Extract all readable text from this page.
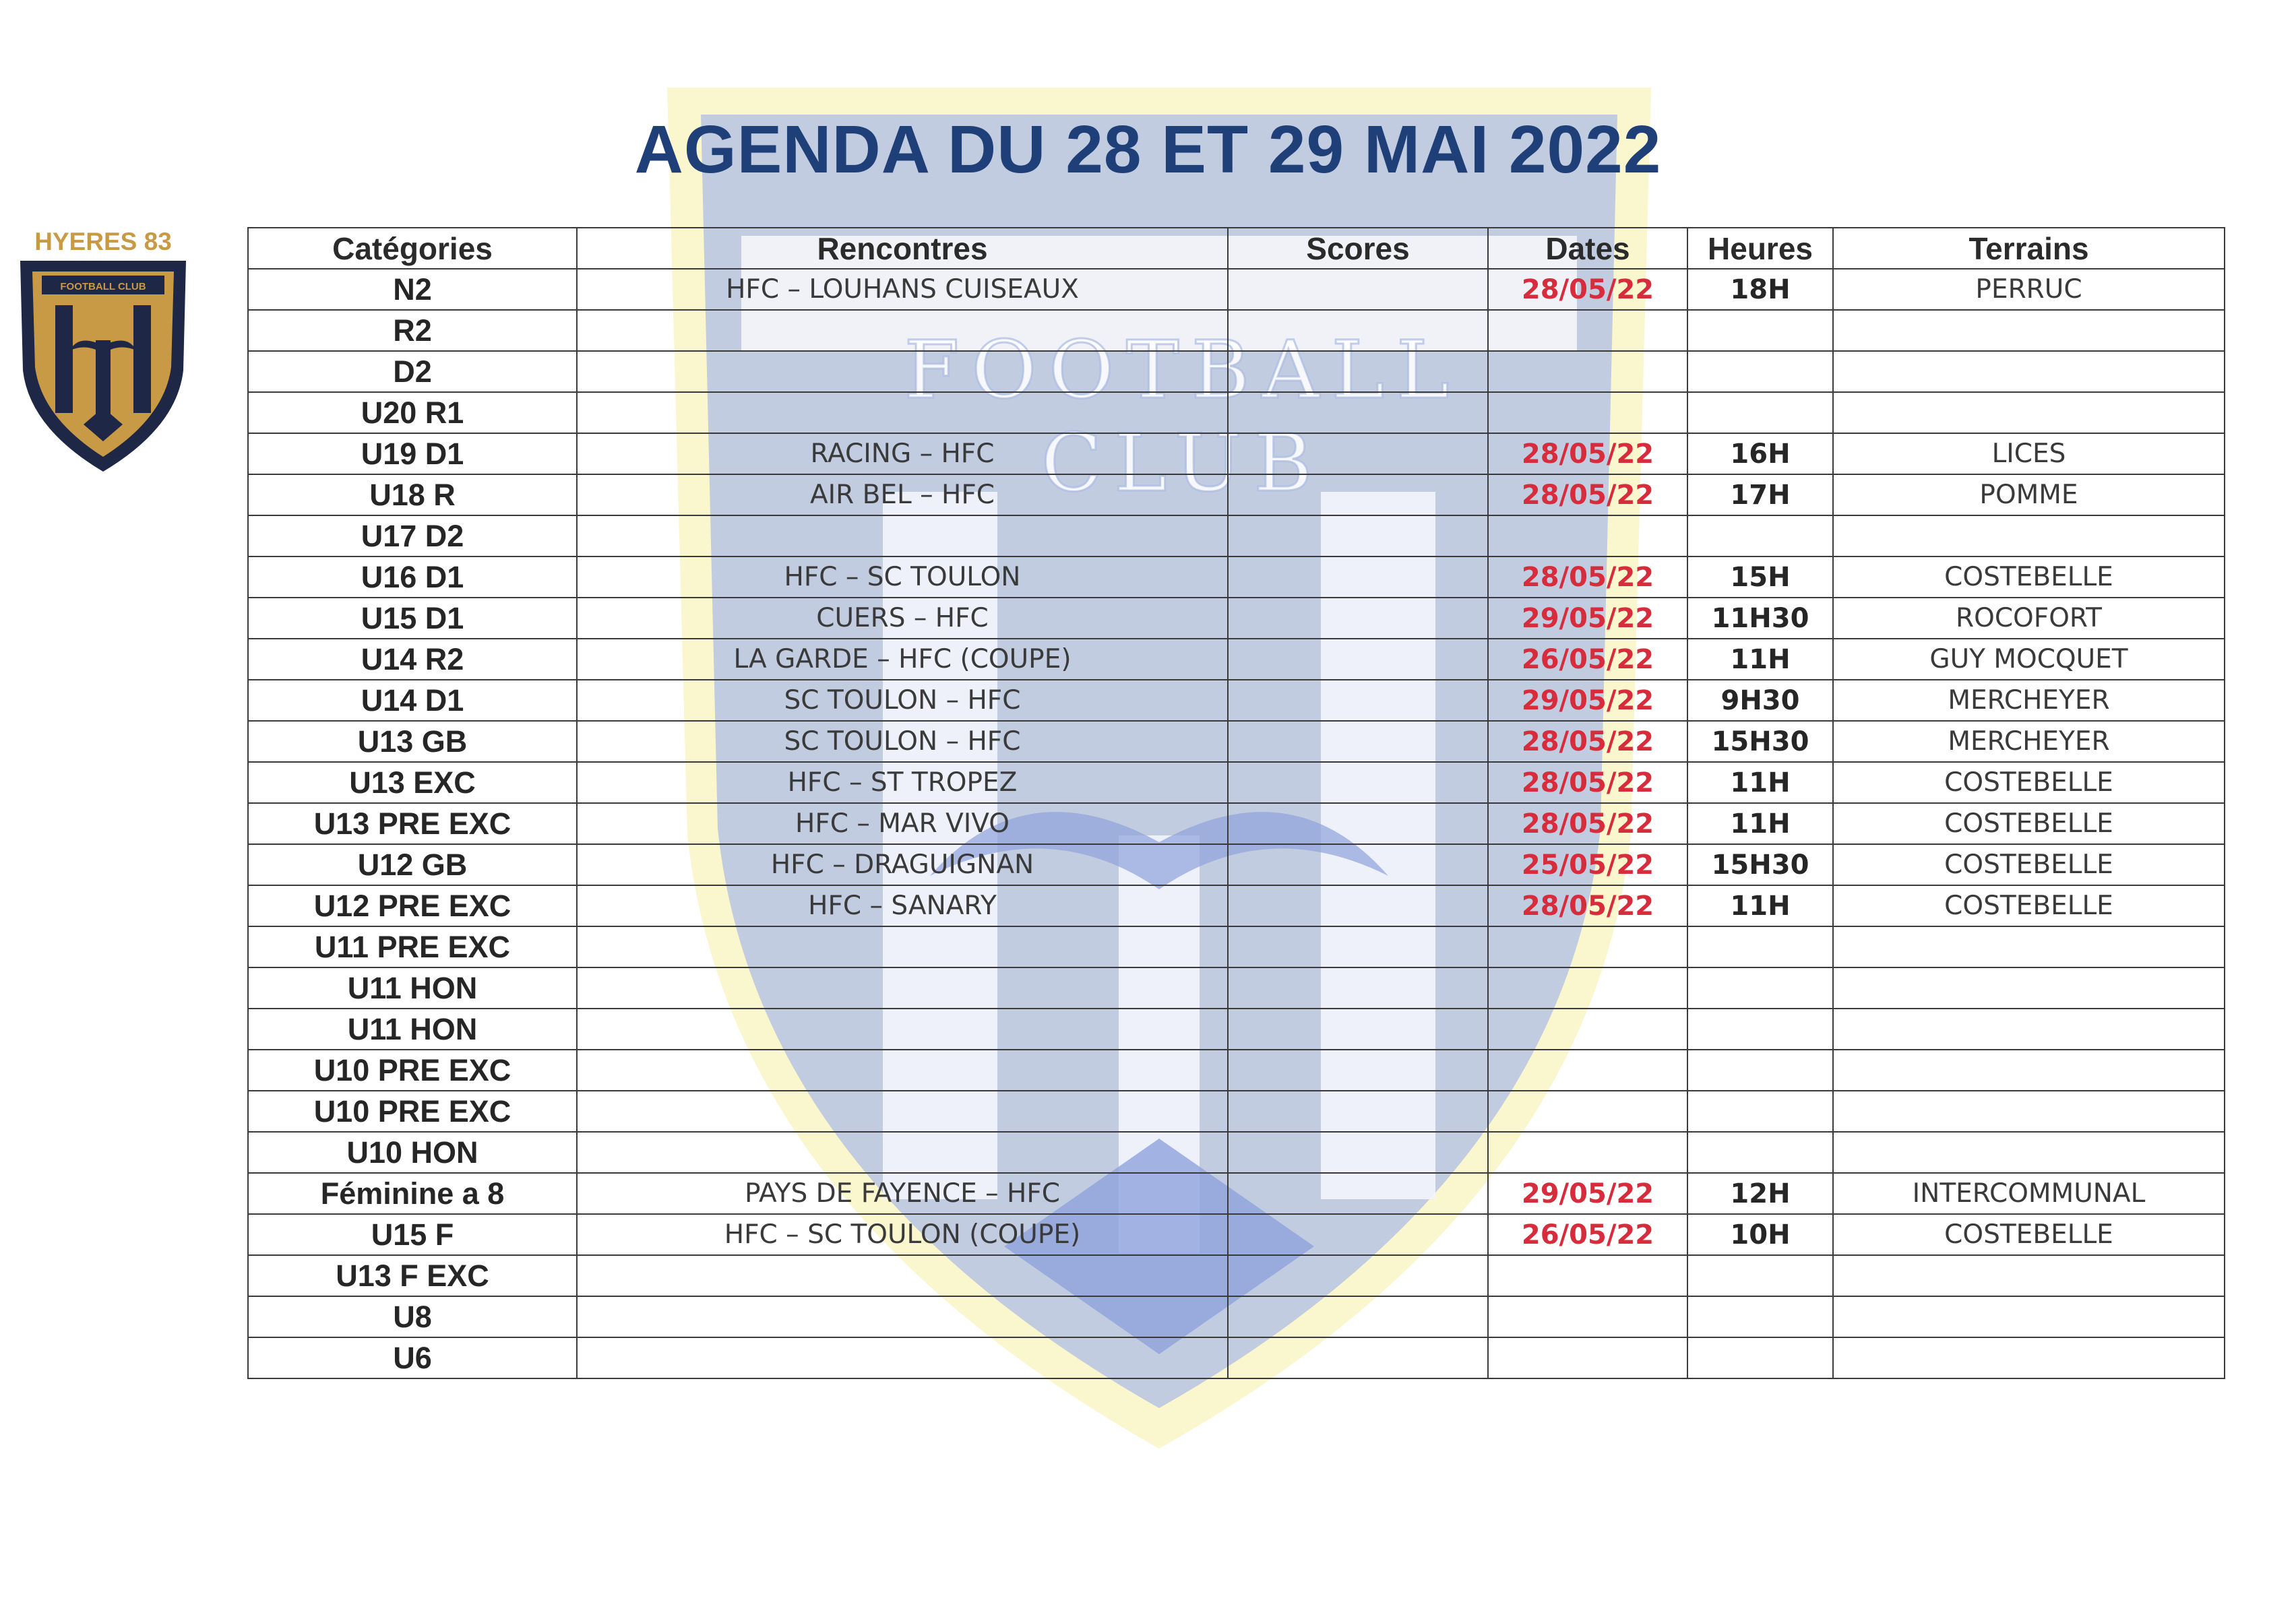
FOOTBALL CLUB
HYERES 83
FOOTBALL CLUB
AGENDA DU 28 ET 29 MAI 2022
Catégories	Rencontres	Scores	Dates	Heures	Terrains
N2	HFC – LOUHANS CUISEAUX		28/05/22	18H	PERRUC
R2					
D2					
U20 R1					
U19 D1	RACING – HFC		28/05/22	16H	LICES
U18 R	AIR BEL – HFC		28/05/22	17H	POMME
U17 D2					
U16 D1	HFC – SC TOULON		28/05/22	15H	COSTEBELLE
U15 D1	CUERS – HFC		29/05/22	11H30	ROCOFORT
U14 R2	LA GARDE – HFC (COUPE)		26/05/22	11H	GUY MOCQUET
U14 D1	SC TOULON – HFC		29/05/22	9H30	MERCHEYER
U13 GB	SC TOULON – HFC		28/05/22	15H30	MERCHEYER
U13 EXC	HFC – ST TROPEZ		28/05/22	11H	COSTEBELLE
U13 PRE EXC	HFC – MAR VIVO		28/05/22	11H	COSTEBELLE
U12 GB	HFC – DRAGUIGNAN		25/05/22	15H30	COSTEBELLE
U12 PRE EXC	HFC – SANARY		28/05/22	11H	COSTEBELLE
U11 PRE EXC					
U11 HON					
U11 HON					
U10 PRE EXC					
U10 PRE EXC					
U10 HON					
Féminine a 8	PAYS DE FAYENCE – HFC		29/05/22	12H	INTERCOMMUNAL
U15 F	HFC – SC TOULON (COUPE)		26/05/22	10H	COSTEBELLE
U13 F EXC					
U8					
U6					
